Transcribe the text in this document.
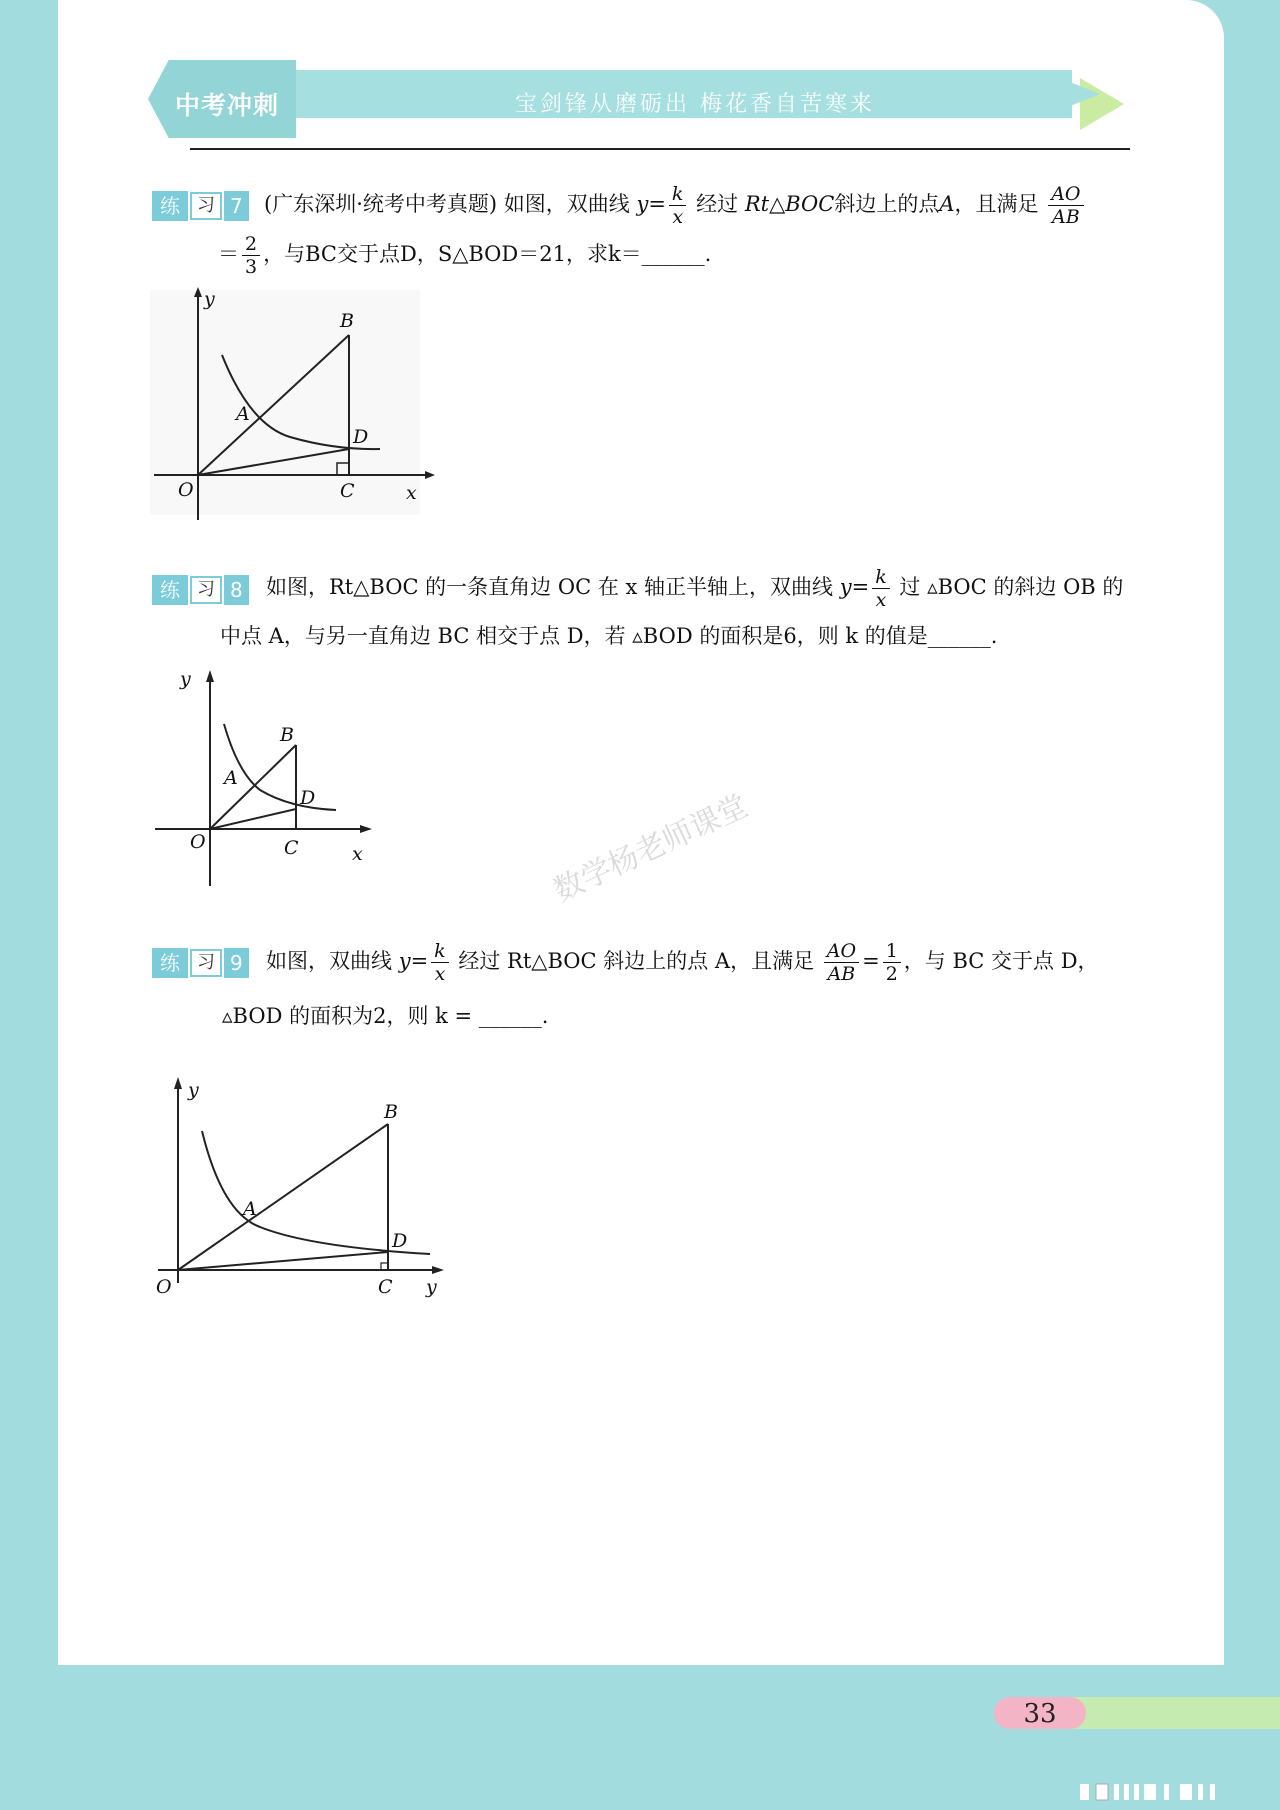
中考冲刺	宝剑锋从磨砺出 梅花香自苦寒来
练 习 7 (广东深圳·统考中考真题) 如图，双曲线 $y= \frac{k}{x}$ 经过 Rt△BOC斜边上的点A，且满足 $\frac{AO}{AB}$
＝ $\frac{2}{3}$ ，与BC交于点D，S△BOD＝21，求k＝______.
y
B
A
D
O	C	x
练 习 8 如图，Rt△BOC 的一条直角边 OC 在 x 轴正半轴上，双曲线 $y= \frac{k}{x}$ 过 ▵BOC 的斜边 OB 的
中点 A，与另一直角边 BC 相交于点 D，若 ▵BOD 的面积是6，则 k 的值是______.
y
B
A
D
O	C	x	数学杨老师课堂
练 习 9 如图，双曲线 $y= \frac{k}{x}$ 经过 Rt△BOC 斜边上的点 A，且满足 $\frac{AO}{AB} = \frac{1}{2}$ ，与 BC 交于点 D，
▵BOD 的面积为2，则 k = ______.
y
B
A
D
O	C y
33
